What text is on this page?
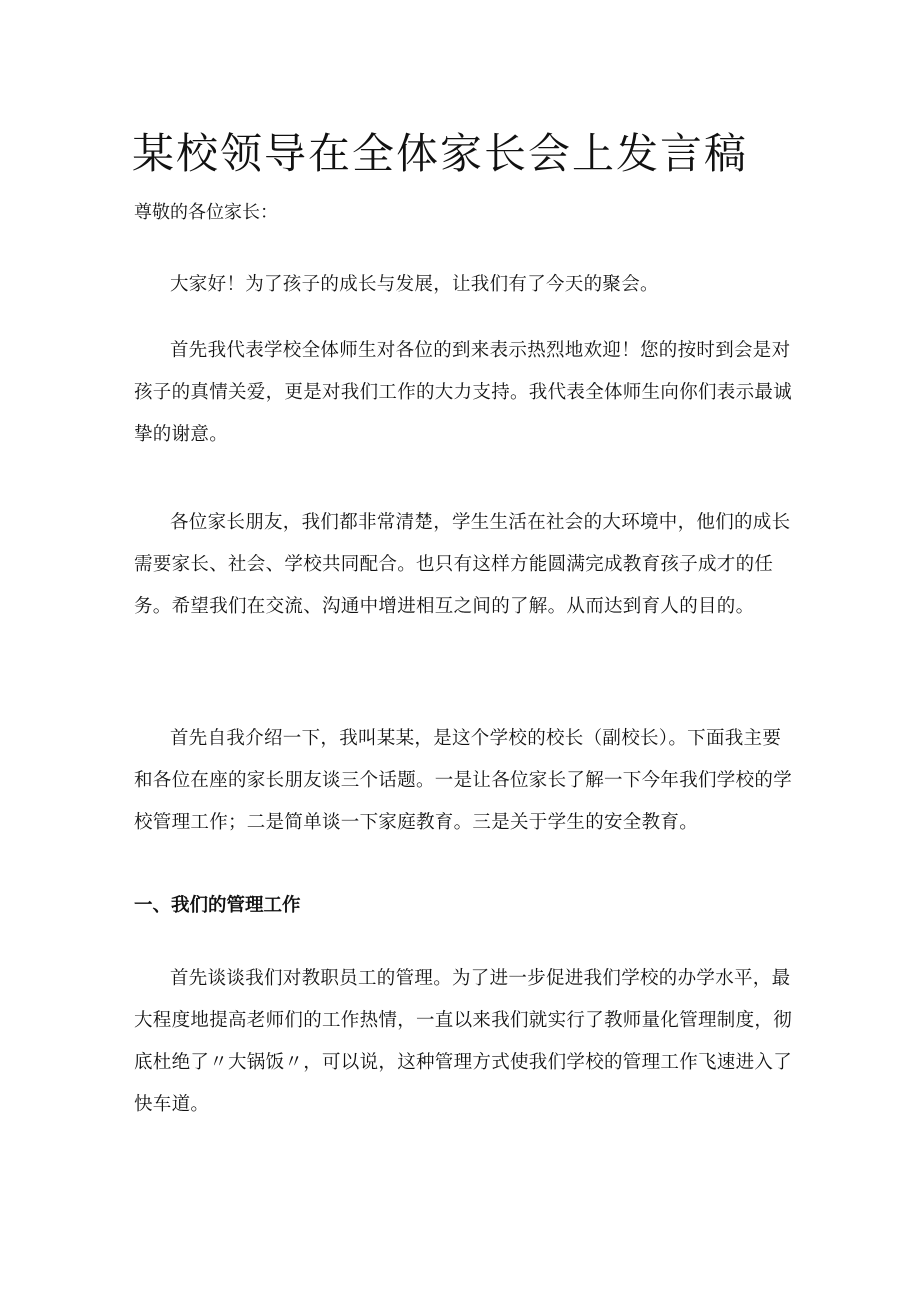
某校领导在全体家长会上发言稿

尊敬的各位家长：

大家好！为了孩子的成长与发展，让我们有了今天的聚会。

首先我代表学校全体师生对各位的到来表示热烈地欢迎！您的按时到会是对孩子的真情关爱，更是对我们工作的大力支持。我代表全体师生向你们表示最诚挚的谢意。

各位家长朋友，我们都非常清楚，学生生活在社会的大环境中，他们的成长需要家长、社会、学校共同配合。也只有这样方能圆满完成教育孩子成才的任务。希望我们在交流、沟通中增进相互之间的了解。从而达到育人的目的。

首先自我介绍一下，我叫某某，是这个学校的校长（副校长）。下面我主要和各位在座的家长朋友谈三个话题。一是让各位家长了解一下今年我们学校的学校管理工作；二是简单谈一下家庭教育。三是关于学生的安全教育。

一、我们的管理工作

首先谈谈我们对教职员工的管理。为了进一步促进我们学校的办学水平，最大程度地提高老师们的工作热情，一直以来我们就实行了教师量化管理制度，彻底杜绝了〃大锅饭〃，可以说，这种管理方式使我们学校的管理工作飞速进入了快车道。
